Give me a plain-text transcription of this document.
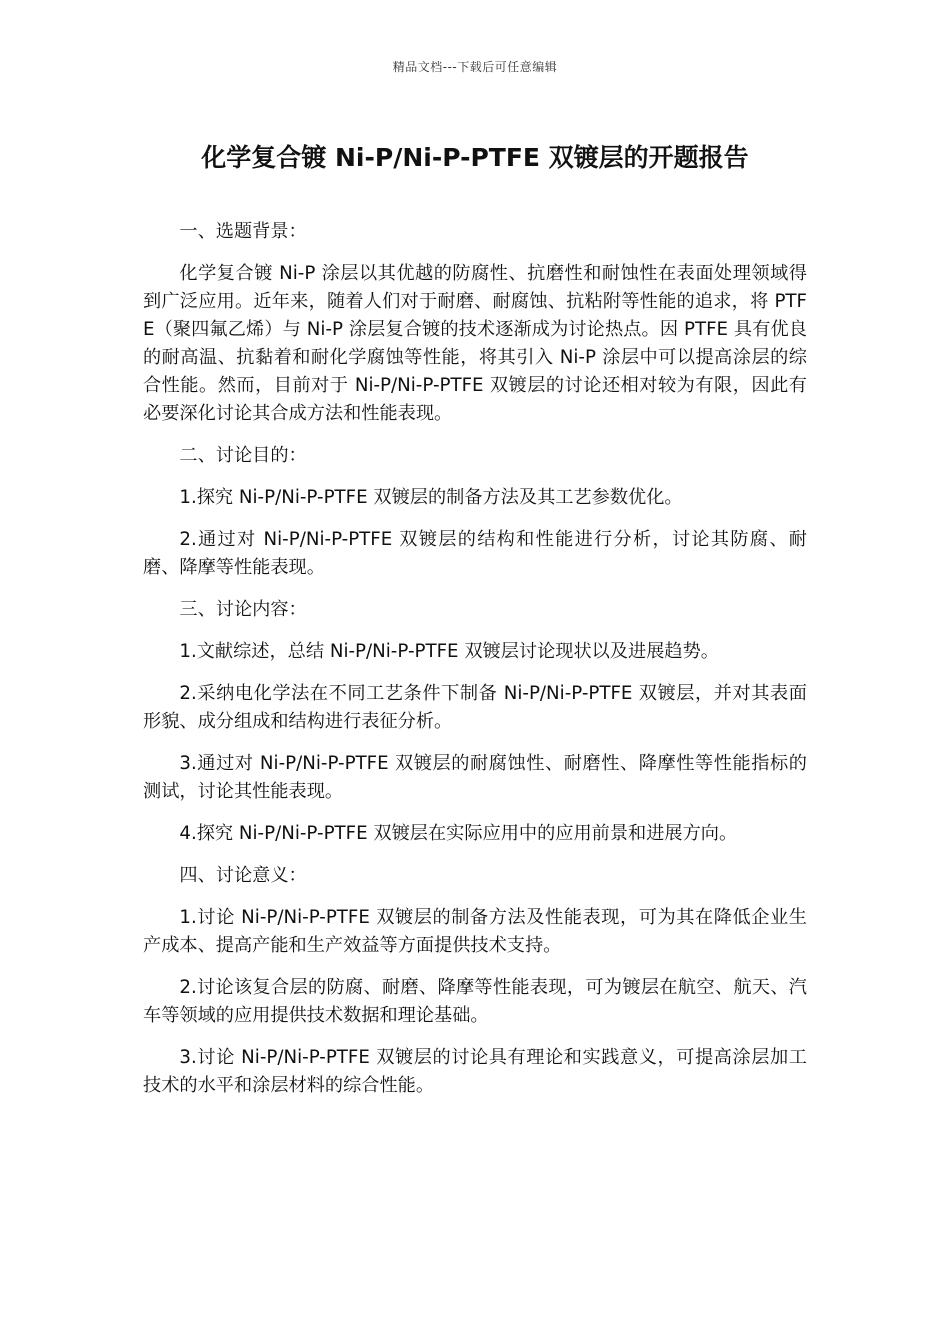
精品文档---下载后可任意编辑
化学复合镀 Ni-P/Ni-P-PTFE 双镀层的开题报告

一、选题背景：

化学复合镀 Ni-P 涂层以其优越的防腐性、抗磨性和耐蚀性在表面处理领域得到广泛应用。近年来，随着人们对于耐磨、耐腐蚀、抗粘附等性能的追求，将 PTFE（聚四氟乙烯）与 Ni-P 涂层复合镀的技术逐渐成为讨论热点。因 PTFE 具有优良的耐高温、抗黏着和耐化学腐蚀等性能，将其引入 Ni-P 涂层中可以提高涂层的综合性能。然而，目前对于 Ni-P/Ni-P-PTFE 双镀层的讨论还相对较为有限，因此有必要深化讨论其合成方法和性能表现。

二、讨论目的：

1.探究 Ni-P/Ni-P-PTFE 双镀层的制备方法及其工艺参数优化。

2.通过对 Ni-P/Ni-P-PTFE 双镀层的结构和性能进行分析，讨论其防腐、耐磨、降摩等性能表现。

三、讨论内容：

1.文献综述，总结 Ni-P/Ni-P-PTFE 双镀层讨论现状以及进展趋势。

2.采纳电化学法在不同工艺条件下制备 Ni-P/Ni-P-PTFE 双镀层，并对其表面形貌、成分组成和结构进行表征分析。

3.通过对 Ni-P/Ni-P-PTFE 双镀层的耐腐蚀性、耐磨性、降摩性等性能指标的测试，讨论其性能表现。

4.探究 Ni-P/Ni-P-PTFE 双镀层在实际应用中的应用前景和进展方向。

四、讨论意义：

1.讨论 Ni-P/Ni-P-PTFE 双镀层的制备方法及性能表现，可为其在降低企业生产成本、提高产能和生产效益等方面提供技术支持。

2.讨论该复合层的防腐、耐磨、降摩等性能表现，可为镀层在航空、航天、汽车等领域的应用提供技术数据和理论基础。

3.讨论 Ni-P/Ni-P-PTFE 双镀层的讨论具有理论和实践意义，可提高涂层加工技术的水平和涂层材料的综合性能。
